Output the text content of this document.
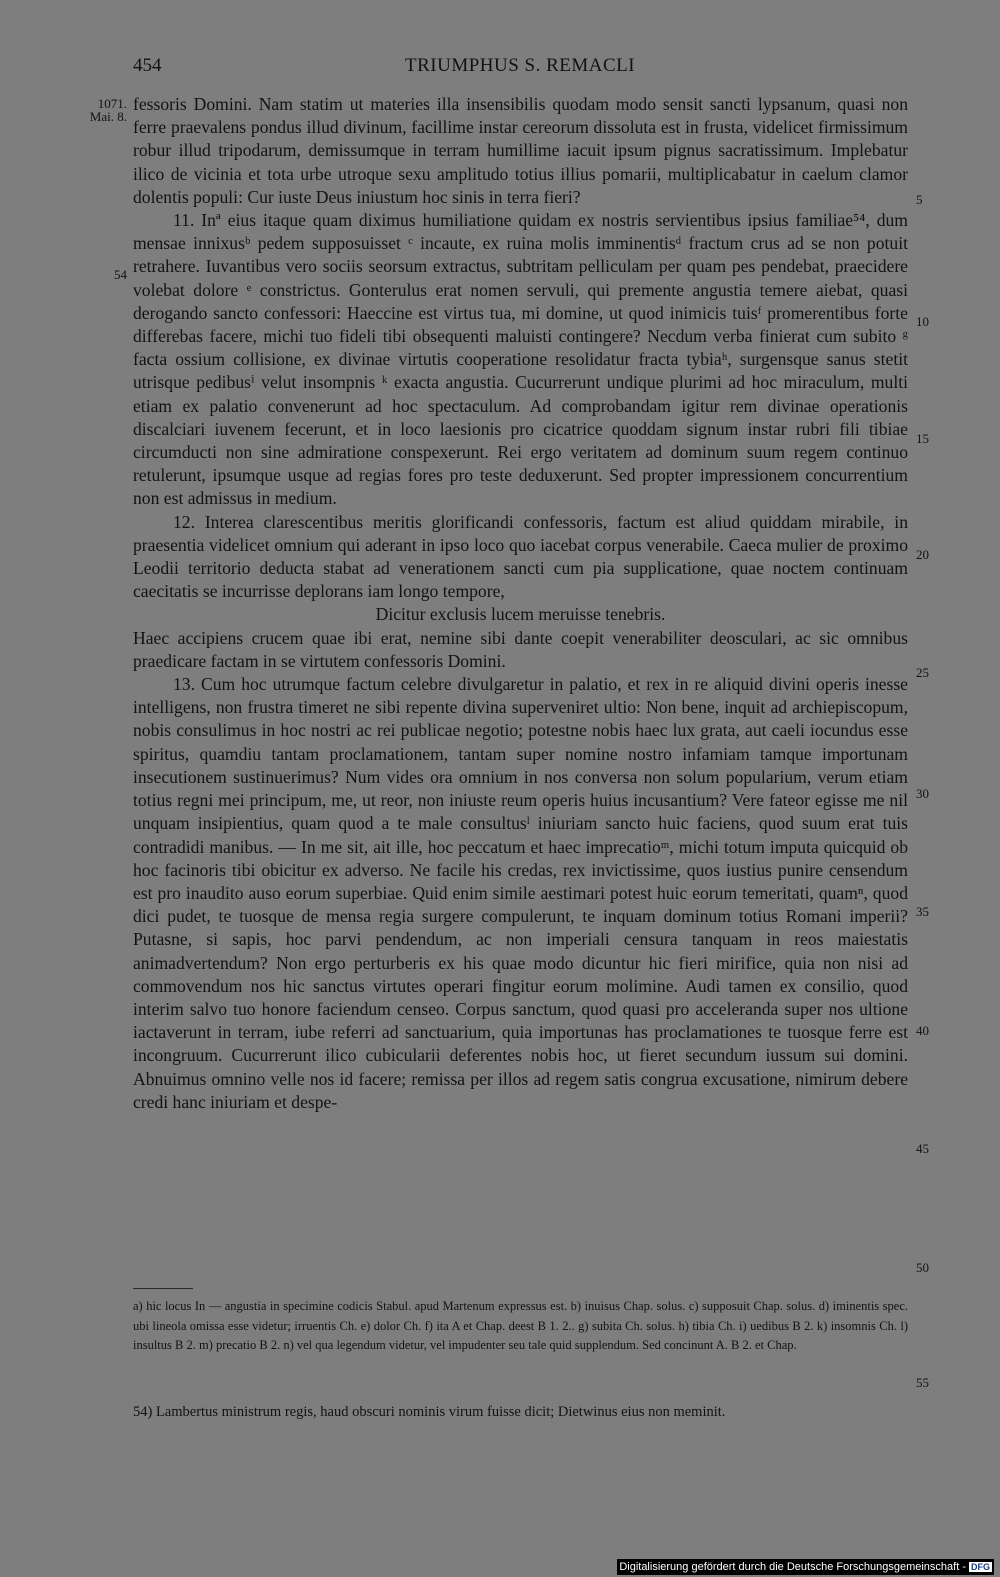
454	TRIUMPHUS S. REMACLI
1071.
Mai. 8.
54
5
10
15
20
25
30
35
40
45
50
55

fessoris Domini. Nam statim ut materies illa insensibilis quodam modo sensit sancti lypsanum, quasi non ferre praevalens pondus illud divinum, facillime instar cereorum dissoluta est in frusta, videlicet firmissimum robur illud tripodarum, demissumque in terram humillime iacuit ipsum pignus sacratissimum. Implebatur ilico de vicinia et tota urbe utroque sexu amplitudo totius illius pomarii, multiplicabatur in caelum clamor dolentis populi: Cur iuste Deus iniustum hoc sinis in terra fieri?

11. Inª eius itaque quam diximus humiliatione quidam ex nostris servientibus ipsius familiae⁵⁴, dum mensae innixusᵇ pedem supposuisset ᶜ incaute, ex ruina molis imminentisᵈ fractum crus ad se non potuit retrahere. Iuvantibus vero sociis seorsum extractus, subtritam pelliculam per quam pes pendebat, praecidere volebat dolore ᵉ constrictus. Gonterulus erat nomen servuli, qui premente angustia temere aiebat, quasi derogando sancto confessori: Haeccine est virtus tua, mi domine, ut quod inimicis tuisᶠ promerentibus forte differebas facere, michi tuo fideli tibi obsequenti maluisti contingere? Necdum verba finierat cum subito ᵍ facta ossium collisione, ex divinae virtutis cooperatione resolidatur fracta tybiaʰ, surgensque sanus stetit utrisque pedibusⁱ velut insompnis ᵏ exacta angustia. Cucurrerunt undique plurimi ad hoc miraculum, multi etiam ex palatio convenerunt ad hoc spectaculum. Ad comprobandam igitur rem divinae operationis discalciari iuvenem fecerunt, et in loco laesionis pro cicatrice quoddam signum instar rubri fili tibiae circumducti non sine admiratione conspexerunt. Rei ergo veritatem ad dominum suum regem continuo retulerunt, ipsumque usque ad regias fores pro teste deduxerunt. Sed propter impressionem concurrentium non est admissus in medium.

12. Interea clarescentibus meritis glorificandi confessoris, factum est aliud quiddam mirabile, in praesentia videlicet omnium qui aderant in ipso loco quo iacebat corpus venerabile. Caeca mulier de proximo Leodii territorio deducta stabat ad venerationem sancti cum pia supplicatione, quae noctem continuam caecitatis se incurrisse deplorans iam longo tempore,

Dicitur exclusis lucem meruisse tenebris.

Haec accipiens crucem quae ibi erat, nemine sibi dante coepit venerabiliter deosculari, ac sic omnibus praedicare factam in se virtutem confessoris Domini.

13. Cum hoc utrumque factum celebre divulgaretur in palatio, et rex in re aliquid divini operis inesse intelligens, non frustra timeret ne sibi repente divina superveniret ultio: Non bene, inquit ad archiepiscopum, nobis consulimus in hoc nostri ac rei publicae negotio; potestne nobis haec lux grata, aut caeli iocundus esse spiritus, quamdiu tantam proclamationem, tantam super nomine nostro infamiam tamque importunam insecutionem sustinuerimus? Num vides ora omnium in nos conversa non solum popularium, verum etiam totius regni mei principum, me, ut reor, non iniuste reum operis huius incusantium? Vere fateor egisse me nil unquam insipientius, quam quod a te male consultusˡ iniuriam sancto huic faciens, quod suum erat tuis contradidi manibus. — In me sit, ait ille, hoc peccatum et haec imprecatioᵐ, michi totum imputa quicquid ob hoc facinoris tibi obicitur ex adverso. Ne facile his credas, rex invictissime, quos iustius punire censendum est pro inaudito auso eorum superbiae. Quid enim simile aestimari potest huic eorum temeritati, quamⁿ, quod dici pudet, te tuosque de mensa regia surgere compulerunt, te inquam dominum totius Romani imperii? Putasne, si sapis, hoc parvi pendendum, ac non imperiali censura tanquam in reos maiestatis animadvertendum? Non ergo perturberis ex his quae modo dicuntur hic fieri mirifice, quia non nisi ad commovendum nos hic sanctus virtutes operari fingitur eorum molimine. Audi tamen ex consilio, quod interim salvo tuo honore faciendum censeo. Corpus sanctum, quod quasi pro acceleranda super nos ultione iactaverunt in terram, iube referri ad sanctuarium, quia importunas has proclamationes te tuosque ferre est incongruum. Cucurrerunt ilico cubicularii deferentes nobis hoc, ut fieret secundum iussum sui domini. Abnuimus omnino velle nos id facere; remissa per illos ad regem satis congrua excusatione, nimirum debere credi hanc iniuriam et despe-

a) hic locus In — angustia in specimine codicis Stabul. apud Martenum expressus est. b) inuisus Chap. solus. c) supposuit Chap. solus. d) iminentis spec. ubi lineola omissa esse videtur; irruentis Ch. e) dolor Ch. f) ita A et Chap. deest B 1. 2.. g) subita Ch. solus. h) tibia Ch. i) uedibus B 2. k) insomnis Ch. l) insultus B 2. m) precatio B 2. n) vel qua legendum videtur, vel impudenter seu tale quid supplendum. Sed concinunt A. B 2. et Chap.
54) Lambertus ministrum regis, haud obscuri nominis virum fuisse dicit; Dietwinus eius non meminit.
Digitalisierung gefördert durch die Deutsche Forschungsgemeinschaft - DFG
